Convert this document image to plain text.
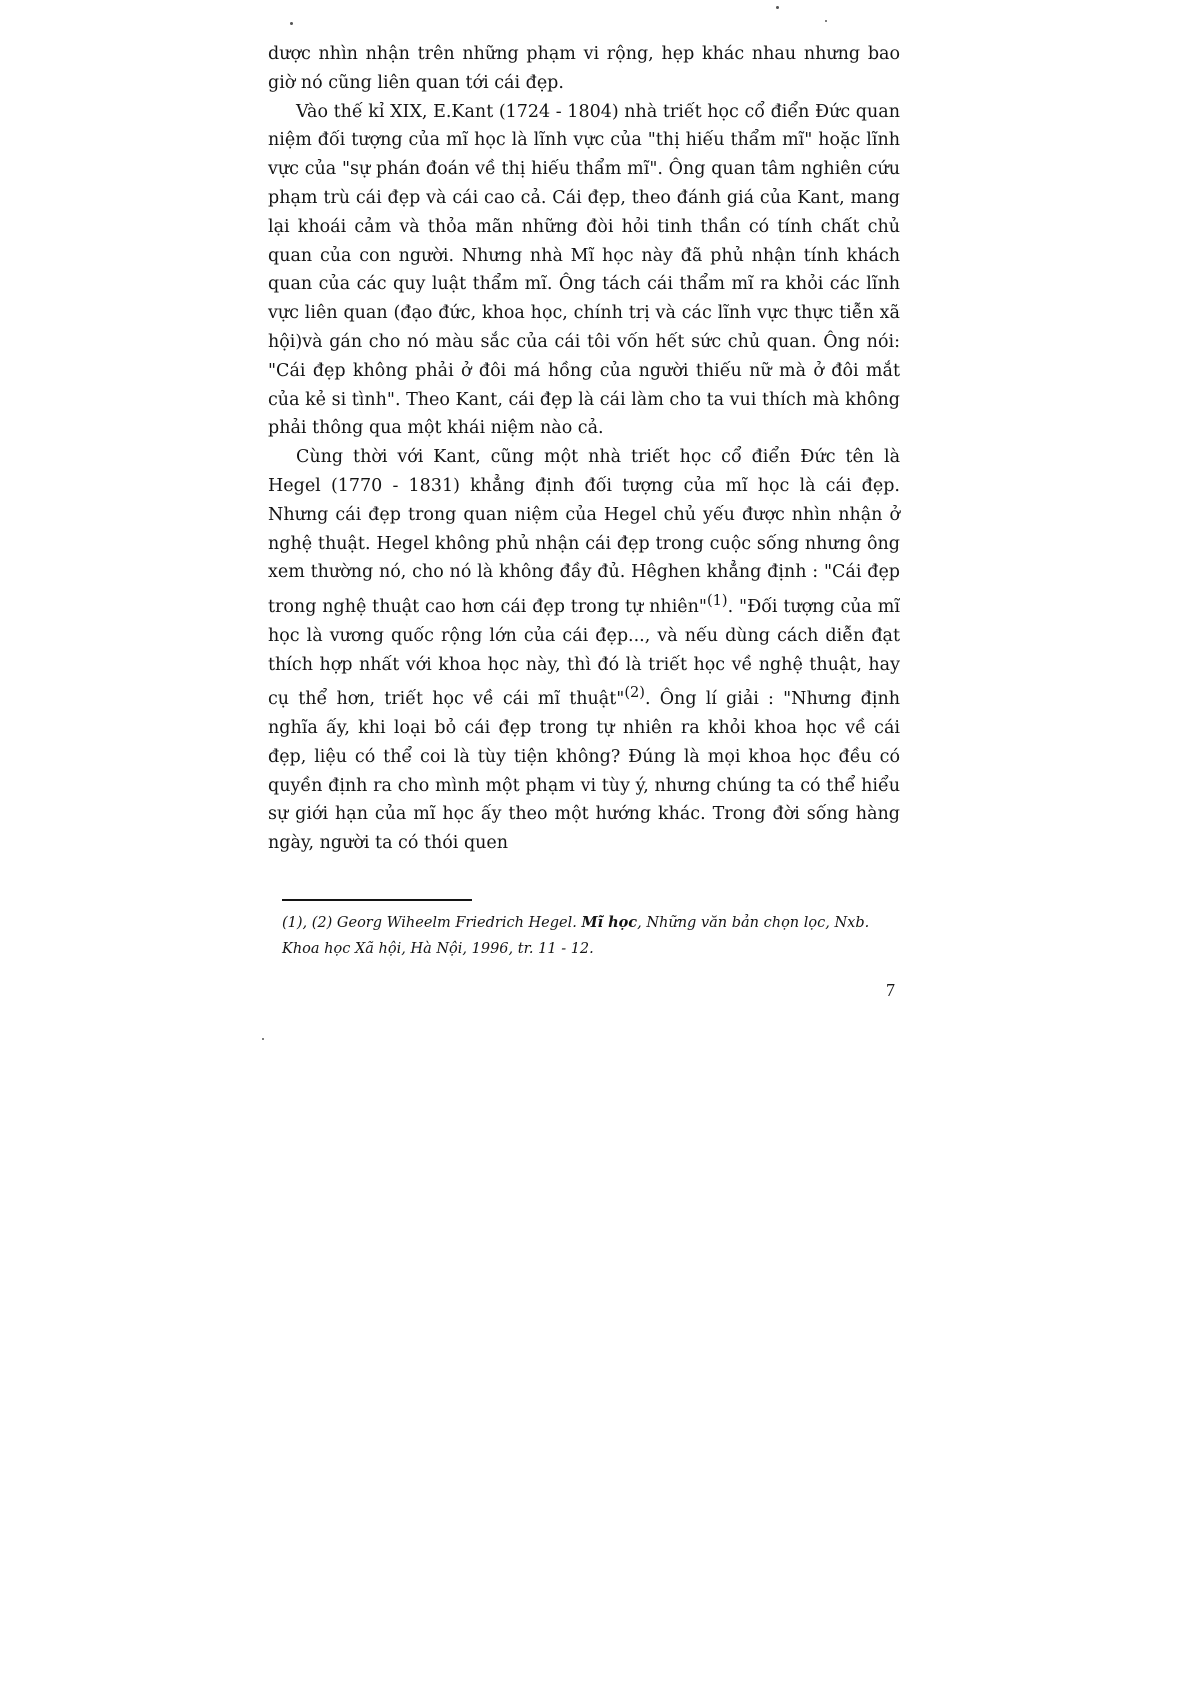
dược nhìn nhận trên những phạm vi rộng, hẹp khác nhau nhưng bao giờ nó cũng liên quan tới cái đẹp.

Vào thế kỉ XIX, E.Kant (1724 - 1804) nhà triết học cổ điển Đức quan niệm đối tượng của mĩ học là lĩnh vực của "thị hiếu thẩm mĩ" hoặc lĩnh vực của "sự phán đoán về thị hiếu thẩm mĩ". Ông quan tâm nghiên cứu phạm trù cái đẹp và cái cao cả. Cái đẹp, theo đánh giá của Kant, mang lại khoái cảm và thỏa mãn những đòi hỏi tinh thần có tính chất chủ quan của con người. Nhưng nhà Mĩ học này đã phủ nhận tính khách quan của các quy luật thẩm mĩ. Ông tách cái thẩm mĩ ra khỏi các lĩnh vực liên quan (đạo đức, khoa học, chính trị và các lĩnh vực thực tiễn xã hội)và gán cho nó màu sắc của cái tôi vốn hết sức chủ quan. Ông nói: "Cái đẹp không phải ở đôi má hồng của người thiếu nữ mà ở đôi mắt của kẻ si tình". Theo Kant, cái đẹp là cái làm cho ta vui thích mà không phải thông qua một khái niệm nào cả.

Cùng thời với Kant, cũng một nhà triết học cổ điển Đức tên là Hegel (1770 - 1831) khẳng định đối tượng của mĩ học là cái đẹp. Nhưng cái đẹp trong quan niệm của Hegel chủ yếu được nhìn nhận ở nghệ thuật. Hegel không phủ nhận cái đẹp trong cuộc sống nhưng ông xem thường nó, cho nó là không đầy đủ. Hêghen khẳng định : "Cái đẹp trong nghệ thuật cao hơn cái đẹp trong tự nhiên"$^{(1)}$. "Đối tượng của mĩ học là vương quốc rộng lớn của cái đẹp..., và nếu dùng cách diễn đạt thích hợp nhất với khoa học này, thì đó là triết học về nghệ thuật, hay cụ thể hơn, triết học về cái mĩ thuật"$^{(2)}$. Ông lí giải : "Nhưng định nghĩa ấy, khi loại bỏ cái đẹp trong tự nhiên ra khỏi khoa học về cái đẹp, liệu có thể coi là tùy tiện không? Đúng là mọi khoa học đều có quyền định ra cho mình một phạm vi tùy ý, nhưng chúng ta có thể hiểu sự giới hạn của mĩ học ấy theo một hướng khác. Trong đời sống hàng ngày, người ta có thói quen

(1), (2) Georg Wiheelm Friedrich Hegel. Mĩ học, Những văn bản chọn lọc, Nxb. Khoa học Xã hội, Hà Nội, 1996, tr. 11 - 12.
7
